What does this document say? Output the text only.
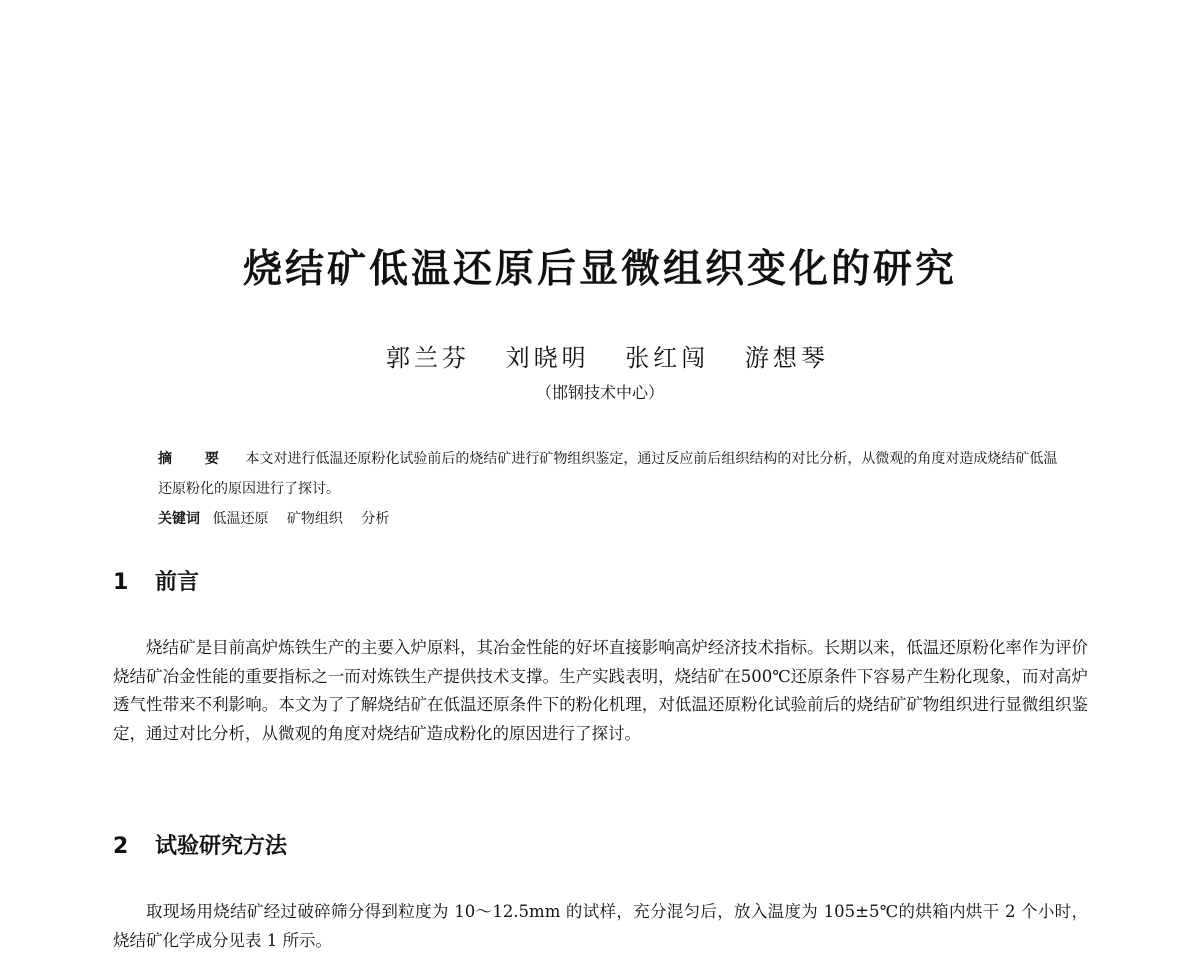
烧结矿低温还原后显微组织变化的研究
郭兰芬 刘晓明 张红闯 游想琴
（邯钢技术中心）
摘 要 本文对进行低温还原粉化试验前后的烧结矿进行矿物组织鉴定，通过反应前后组织结构的对比分析，从微观的角度对造成烧结矿低温还原粉化的原因进行了探讨。
关键词 低温还原 矿物组织 分析
1 前言
烧结矿是目前高炉炼铁生产的主要入炉原料，其冶金性能的好坏直接影响高炉经济技术指标。长期以来，低温还原粉化率作为评价烧结矿冶金性能的重要指标之一而对炼铁生产提供技术支撑。生产实践表明，烧结矿在500℃还原条件下容易产生粉化现象，而对高炉透气性带来不利影响。本文为了了解烧结矿在低温还原条件下的粉化机理，对低温还原粉化试验前后的烧结矿矿物组织进行显微组织鉴定，通过对比分析，从微观的角度对烧结矿造成粉化的原因进行了探讨。
2 试验研究方法
取现场用烧结矿经过破碎筛分得到粒度为 10～12.5mm 的试样，充分混匀后，放入温度为 105±5℃的烘箱内烘干 2 个小时，烧结矿化学成分见表 1 所示。
